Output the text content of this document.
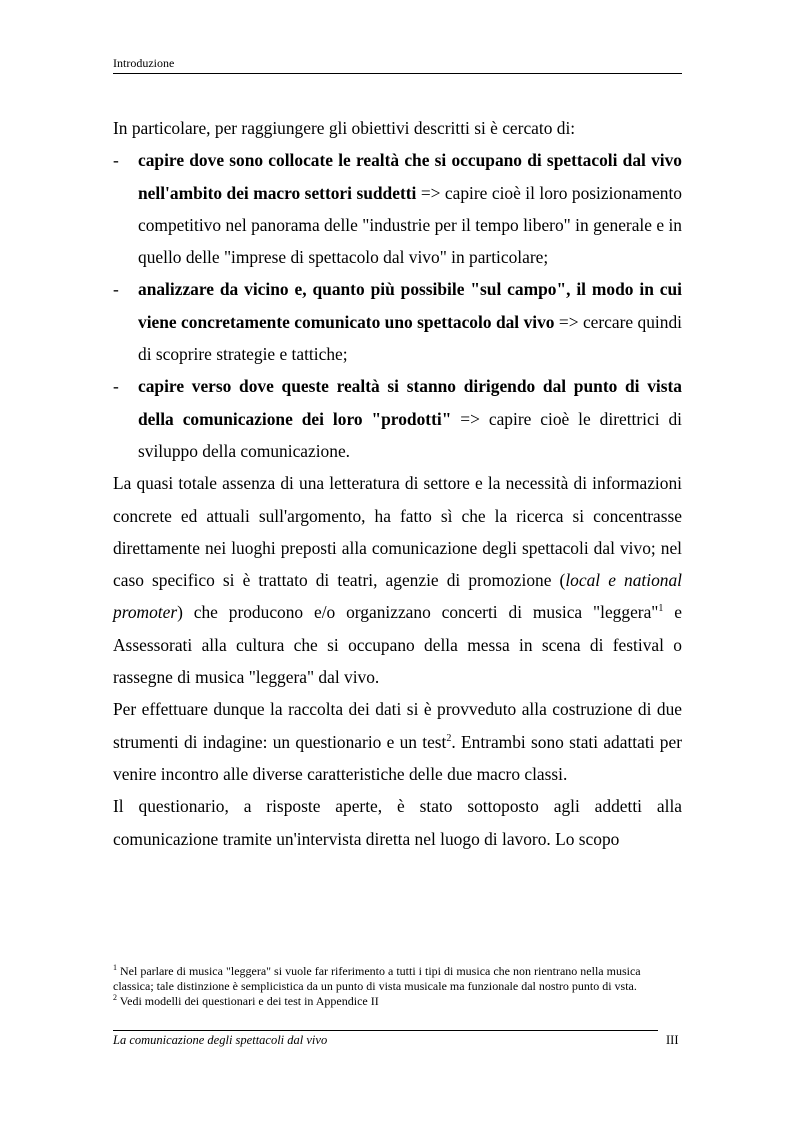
Introduzione

In particolare, per raggiungere gli obiettivi descritti si è cercato di:

- capire dove sono collocate le realtà che si occupano di spettacoli dal vivo nell'ambito dei macro settori suddetti => capire cioè il loro posizionamento competitivo nel panorama delle "industrie per il tempo libero" in generale e in quello delle "imprese di spettacolo dal vivo" in particolare;
- analizzare da vicino e, quanto più possibile "sul campo", il modo in cui viene concretamente comunicato uno spettacolo dal vivo => cercare quindi di scoprire strategie e tattiche;
- capire verso dove queste realtà si stanno dirigendo dal punto di vista della comunicazione dei loro "prodotti" => capire cioè le direttrici di sviluppo della comunicazione.

La quasi totale assenza di una letteratura di settore e la necessità di informazioni concrete ed attuali sull'argomento, ha fatto sì che la ricerca si concentrasse direttamente nei luoghi preposti alla comunicazione degli spettacoli dal vivo; nel caso specifico si è trattato di teatri, agenzie di promozione (local e national promoter) che producono e/o organizzano concerti di musica "leggera"$^1$ e Assessorati alla cultura che si occupano della messa in scena di festival o rassegne di musica "leggera" dal vivo.

Per effettuare dunque la raccolta dei dati si è provveduto alla costruzione di due strumenti di indagine: un questionario e un test$^2$. Entrambi sono stati adattati per venire incontro alle diverse caratteristiche delle due macro classi.

Il questionario, a risposte aperte, è stato sottoposto agli addetti alla comunicazione tramite un'intervista diretta nel luogo di lavoro. Lo scopo

$^1$ Nel parlare di musica "leggera" si vuole far riferimento a tutti i tipi di musica che non rientrano nella musica classica; tale distinzione è semplicistica da un punto di vista musicale ma funzionale dal nostro punto di vsta.

$^2$ Vedi modelli dei questionari e dei test in Appendice II

La comunicazione degli spettacoli dal vivo	III
